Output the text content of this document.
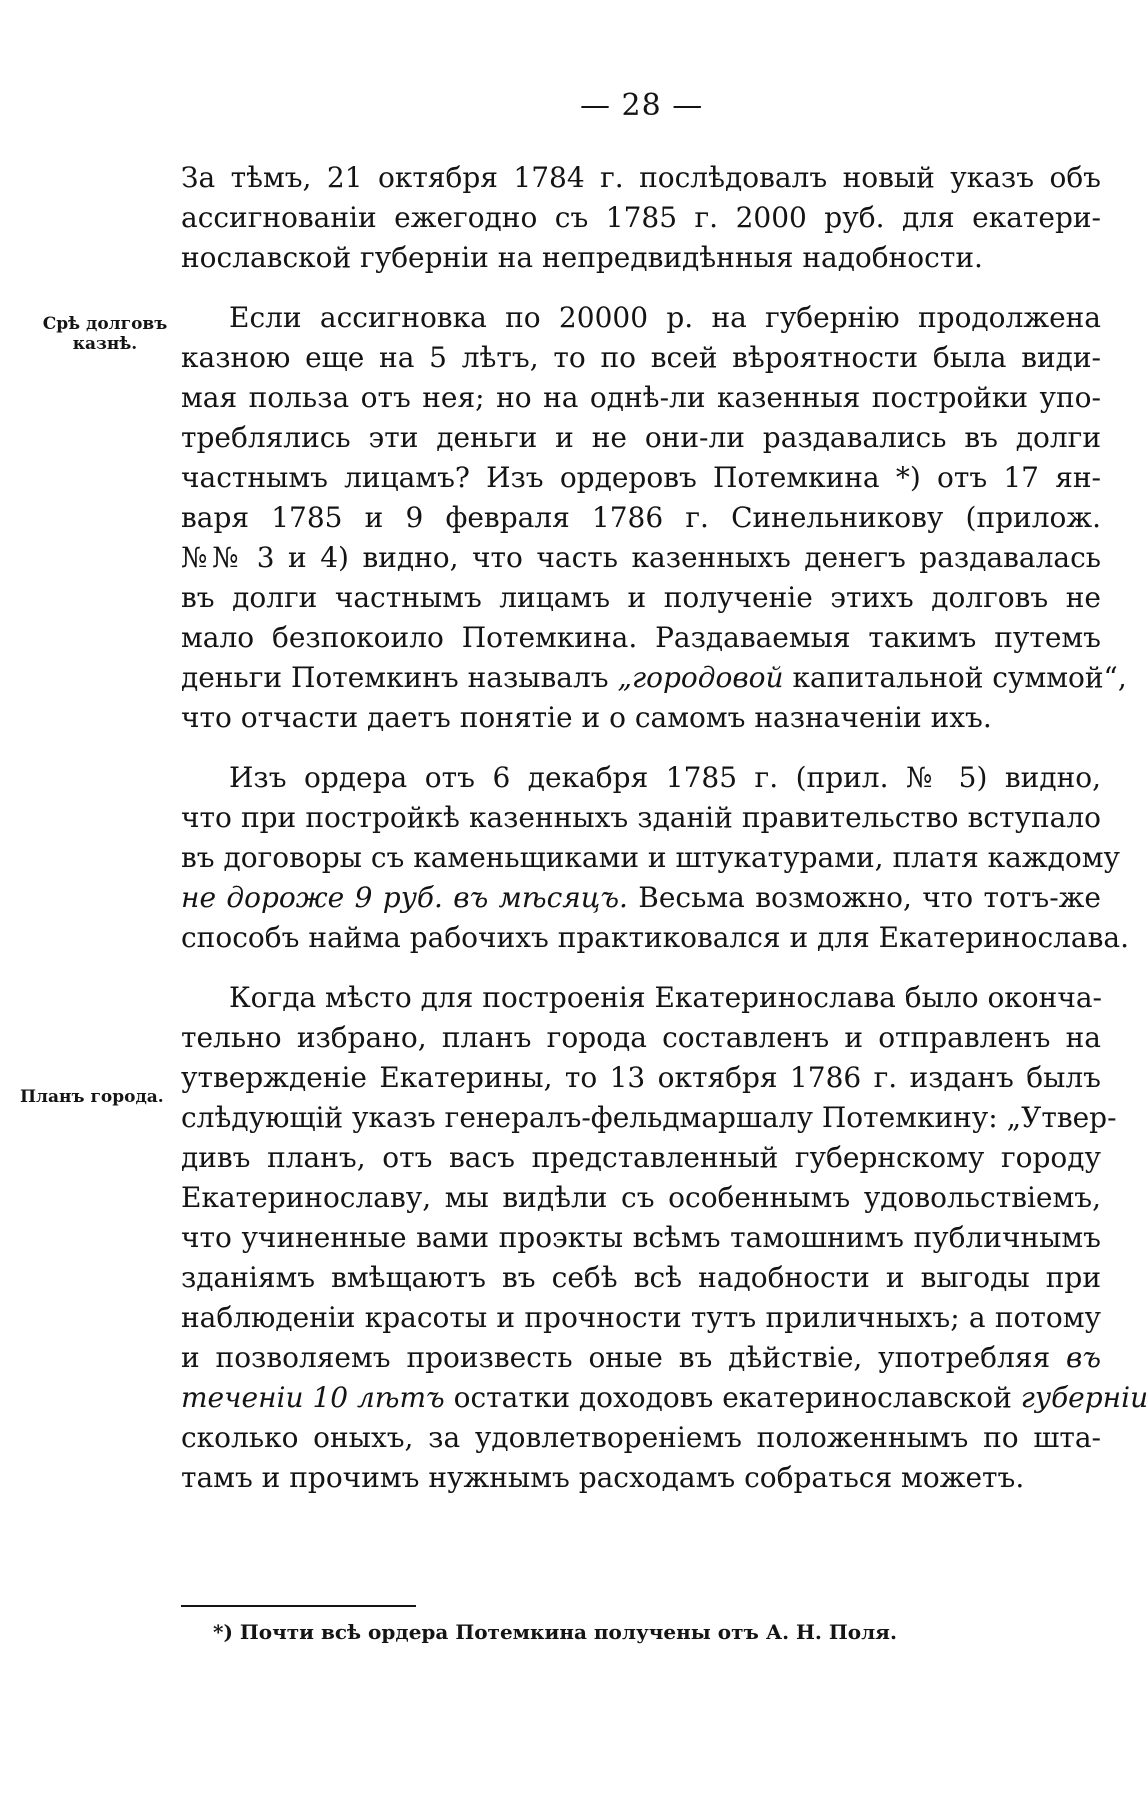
— 28 —
Срѣ долговъ казнѣ.
Планъ города.
За тѣмъ, 21 октября 1784 г. послѣдовалъ новый указъ объ
ассигнованіи ежегодно съ 1785 г. 2000 руб. для екатери-
нославской губерніи на непредвидѣнныя надобности.
Если ассигновка по 20000 р. на губернію продолжена
казною еще на 5 лѣтъ, то по всей вѣроятности была види-
мая польза отъ нея; но на однѣ-ли казенныя постройки упо-
треблялись эти деньги и не они-ли раздавались въ долги
частнымъ лицамъ? Изъ ордеровъ Потемкина *) отъ 17 ян-
варя 1785 и 9 февраля 1786 г. Синельникову (прилож.
№№ 3 и 4) видно, что часть казенныхъ денегъ раздавалась
въ долги частнымъ лицамъ и полученіе этихъ долговъ не
мало безпокоило Потемкина. Раздаваемыя такимъ путемъ
деньги Потемкинъ называлъ „городовой капитальной суммой“,
что отчасти даетъ понятіе и о самомъ назначеніи ихъ.
Изъ ордера отъ 6 декабря 1785 г. (прил. № 5) видно,
что при постройкѣ казенныхъ зданій правительство вступало
въ договоры съ каменьщиками и штукатурами, платя каждому
не дороже 9 руб. въ мѣсяцъ. Весьма возможно, что тотъ-же
способъ найма рабочихъ практиковался и для Екатеринослава.
Когда мѣсто для построенія Екатеринослава было оконча-
тельно избрано, планъ города составленъ и отправленъ на
утвержденіе Екатерины, то 13 октября 1786 г. изданъ былъ
слѣдующій указъ генералъ-фельдмаршалу Потемкину: „Утвер-
дивъ планъ, отъ васъ представленный губернскому городу
Екатеринославу, мы видѣли съ особеннымъ удовольствіемъ,
что учиненные вами проэкты всѣмъ тамошнимъ публичнымъ
зданіямъ вмѣщаютъ въ себѣ всѣ надобности и выгоды при
наблюденіи красоты и прочности тутъ приличныхъ; а потому
и позволяемъ произвесть оные въ дѣйствіе, употребляя въ
теченіи 10 лѣтъ остатки доходовъ екатеринославской губерніи
сколько оныхъ, за удовлетвореніемъ положеннымъ по шта-
тамъ и прочимъ нужнымъ расходамъ собраться можетъ.
*) Почти всѣ ордера Потемкина получены отъ А. Н. Поля.
